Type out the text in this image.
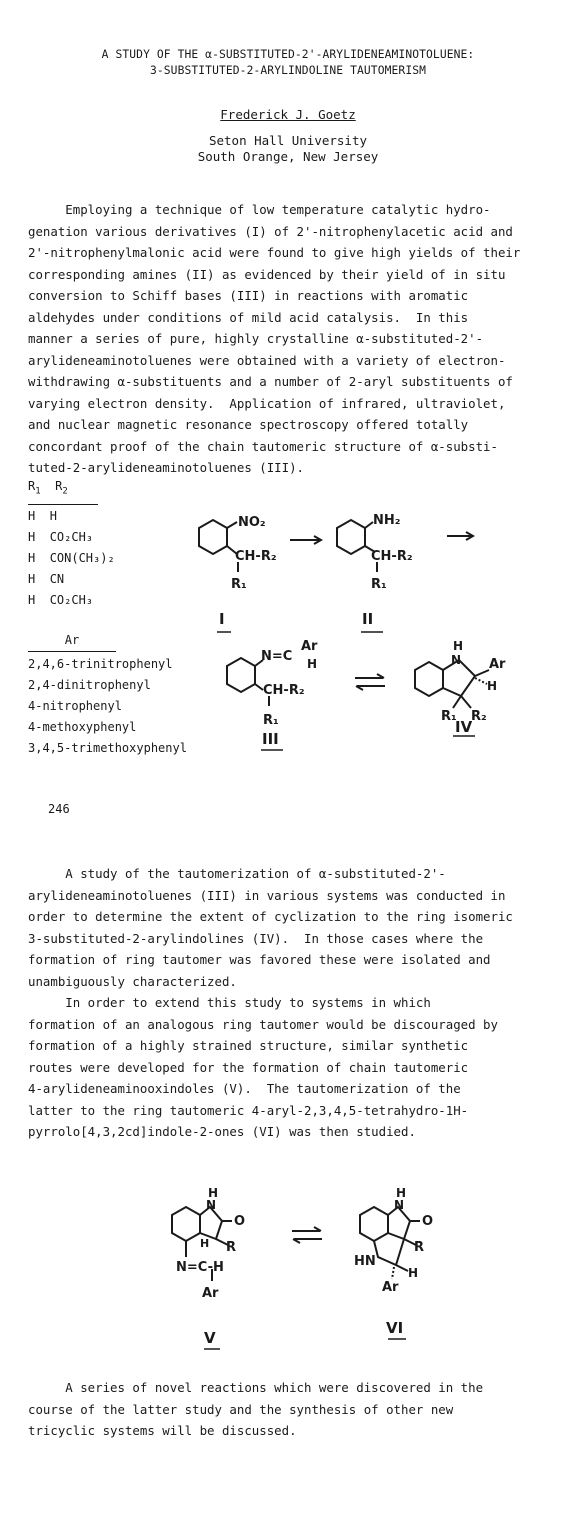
A STUDY OF THE α-SUBSTITUTED-2'-ARYLIDENEAMINOTOLUENE:
3-SUBSTITUTED-2-ARYLINDOLINE TAUTOMERISM
Frederick J. Goetz
Seton Hall University
South Orange, New Jersey

Employing a technique of low temperature catalytic hydro-

genation various derivatives (I) of 2'-nitrophenylacetic acid and

2'-nitrophenylmalonic acid were found to give high yields of their

corresponding amines (II) as evidenced by their yield of in situ

conversion to Schiff bases (III) in reactions with aromatic

aldehydes under conditions of mild acid catalysis.  In this

manner a series of pure, highly crystalline α-substituted-2'-

arylideneaminotoluenes were obtained with a variety of electron-

withdrawing α-substituents and a number of 2-aryl substituents of

varying electron density.  Application of infrared, ultraviolet,

and nuclear magnetic resonance spectroscopy offered totally

concordant proof of the chain tautomeric structure of α-substi-

tuted-2-arylideneaminotoluenes (III).

$R_1$ $R_2$
H H
H CO₂CH₃
H CON(CH₃)₂
H CN
H CO₂CH₃
Ar
2,4,6-trinitrophenyl
2,4-dinitrophenyl
4-nitrophenyl
4-methoxyphenyl
3,4,5-trimethoxyphenyl
NO₂
CH-R₂
R₁
I
NH₂
CH-R₂
R₁
II
N=C
Ar
H
CH-R₂
R₁
III
H
N Ar
H
R₁ R₂
IV
246

A study of the tautomerization of α-substituted-2'-

arylideneaminotoluenes (III) in various systems was conducted in

order to determine the extent of cyclization to the ring isomeric

3-substituted-2-arylindolines (IV).  In those cases where the

formation of ring tautomer was favored these were isolated and

unambiguously characterized.

In order to extend this study to systems in which

formation of an analogous ring tautomer would be discouraged by

formation of a highly strained structure, similar synthetic

routes were developed for the formation of chain tautomeric

4-arylideneaminooxindoles (V).  The tautomerization of the

latter to the ring tautomeric 4-aryl-2,3,4,5-tetrahydro-1H-

pyrrolo[4,3,2cd]indole-2-ones (VI) was then studied.

H
N
O
R
H
N=C-H
Ar
V
H
N
O
R
HN
H
Ar
VI

A series of novel reactions which were discovered in the

course of the latter study and the synthesis of other new

tricyclic systems will be discussed.
